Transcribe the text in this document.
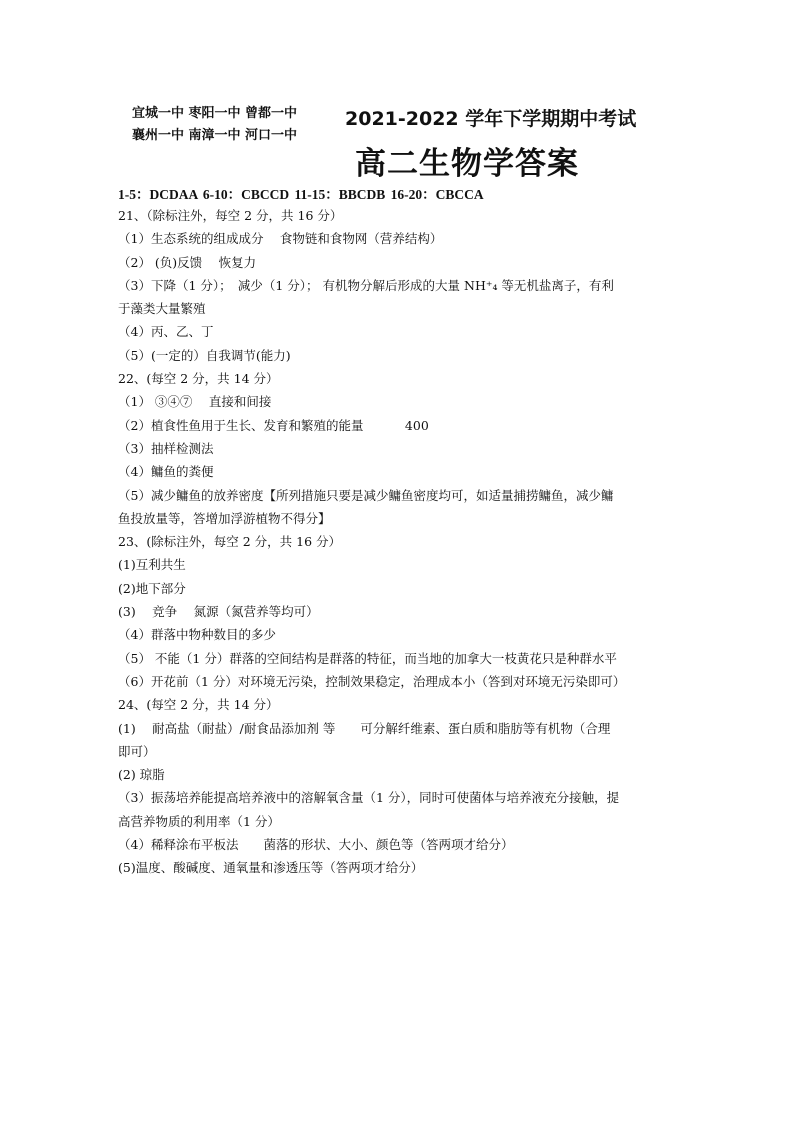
宜城一中 枣阳一中 曾都一中
襄州一中 南漳一中 河口一中
2021-2022 学年下学期期中考试
高二生物学答案
1-5：DCDAA 6-10：CBCCD 11-15：BBCDB 16-20：CBCCA
21、（除标注外，每空 2 分，共 16 分）
（1）生态系统的组成成分　 食物链和食物网（营养结构）
（2） (负)反馈　 恢复力
（3）下降（1 分）；　减少（1 分）； 有机物分解后形成的大量 NH⁺₄ 等无机盐离子，有利
于藻类大量繁殖
（4）丙、乙、丁
（5）(一定的）自我调节(能力)
22、(每空 2 分，共 14 分）
（1） ③④⑦　 直接和间接
（2）植食性鱼用于生长、发育和繁殖的能量　　　 400
（3）抽样检测法
（4）鳙鱼的粪便
（5）减少鳙鱼的放养密度【所列措施只要是减少鳙鱼密度均可，如适量捕捞鳙鱼，减少鳙
鱼投放量等，答增加浮游植物不得分】
23、(除标注外，每空 2 分，共 16 分）
(1)互利共生
(2)地下部分
(3)　 竞争　 氮源（氮营养等均可）
（4）群落中物种数目的多少
（5） 不能（1 分）群落的空间结构是群落的特征，而当地的加拿大一枝黄花只是种群水平
（6）开花前（1 分）对环境无污染，控制效果稳定，治理成本小（答到对环境无污染即可）
24、(每空 2 分，共 14 分）
(1)　 耐高盐（耐盐）/耐食品添加剂 等　　可分解纤维素、蛋白质和脂肪等有机物（合理
即可）
(2) 琼脂
（3）振荡培养能提高培养液中的溶解氧含量（1 分），同时可使菌体与培养液充分接触，提
高营养物质的利用率（1 分）
（4）稀释涂布平板法　　菌落的形状、大小、颜色等（答两项才给分）
(5)温度、酸碱度、通氧量和渗透压等（答两项才给分）
